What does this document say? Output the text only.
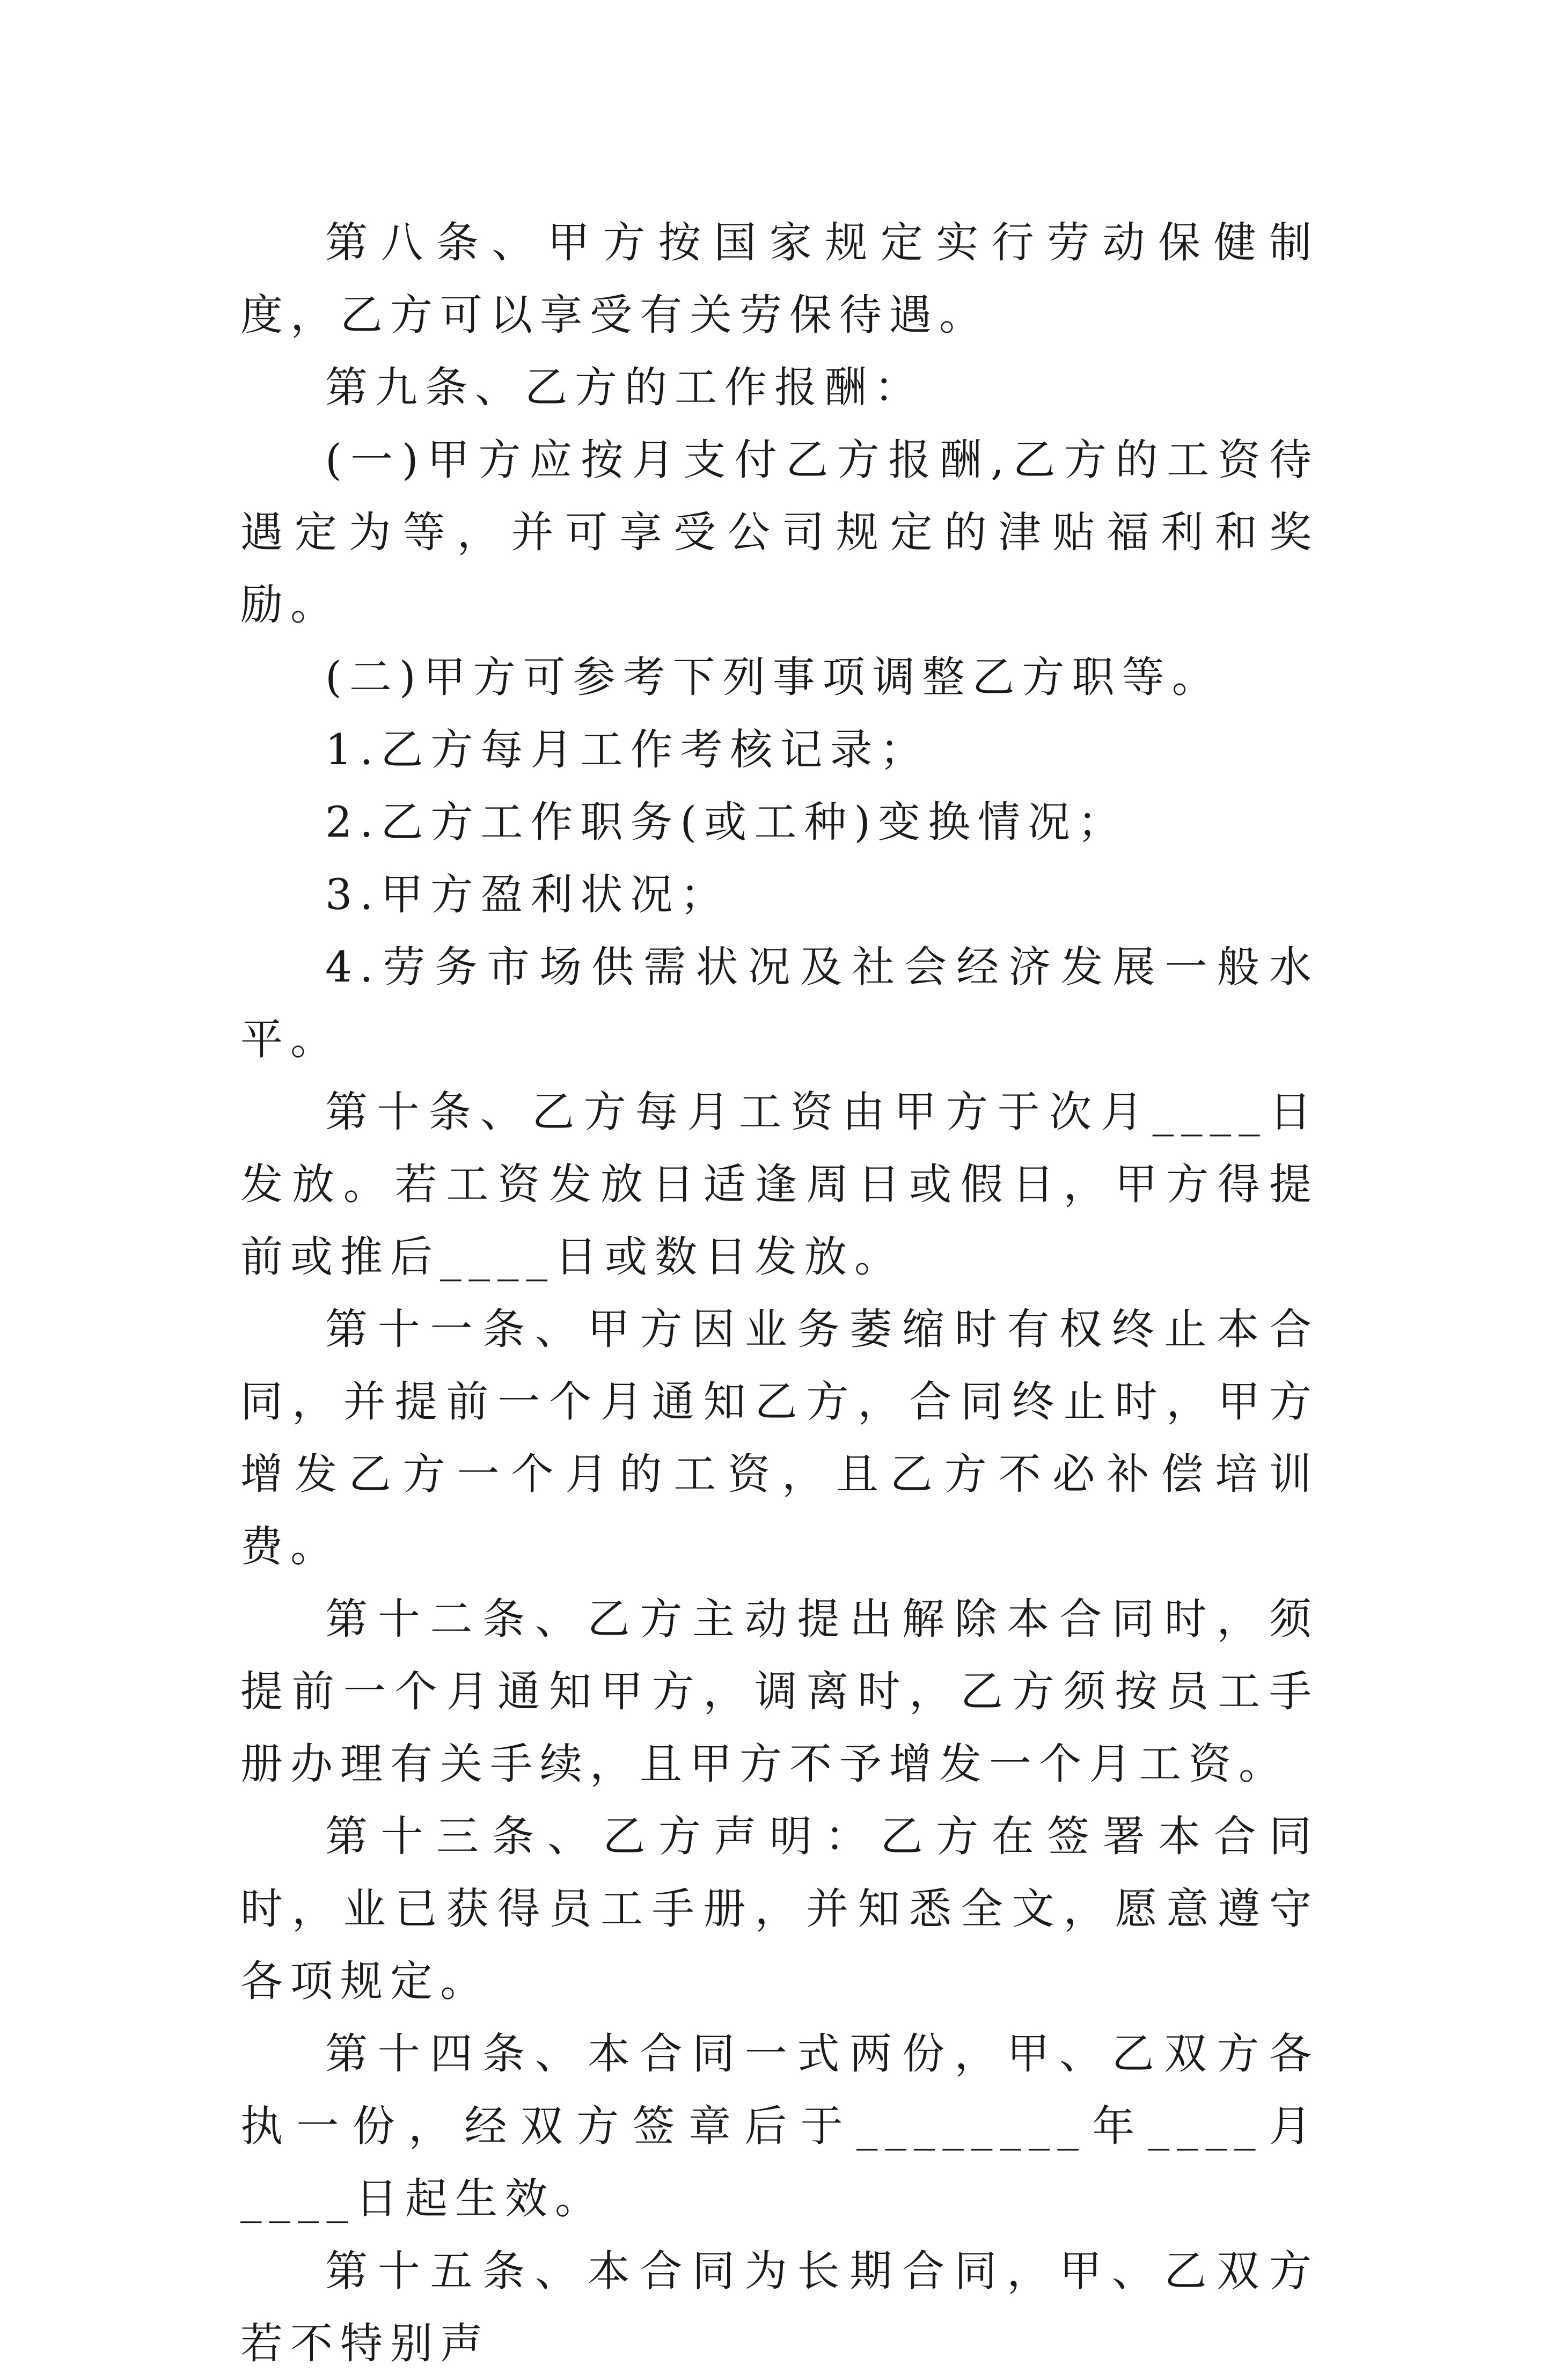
第八条、甲方按国家规定实行劳动保健制度，乙方可以享受有关劳保待遇。

第九条、乙方的工作报酬：

(一)甲方应按月支付乙方报酬,乙方的工资待遇定为等，并可享受公司规定的津贴福利和奖励。

(二)甲方可参考下列事项调整乙方职等。

1.乙方每月工作考核记录；

2.乙方工作职务(或工种)变换情况；

3.甲方盈利状况；

4.劳务市场供需状况及社会经济发展一般水平。

第十条、乙方每月工资由甲方于次月____日发放。若工资发放日适逢周日或假日，甲方得提前或推后____日或数日发放。

第十一条、甲方因业务萎缩时有权终止本合同，并提前一个月通知乙方，合同终止时，甲方增发乙方一个月的工资，且乙方不必补偿培训费。

第十二条、乙方主动提出解除本合同时，须提前一个月通知甲方，调离时，乙方须按员工手册办理有关手续，且甲方不予增发一个月工资。

第十三条、乙方声明：乙方在签署本合同时，业已获得员工手册，并知悉全文，愿意遵守各项规定。

第十四条、本合同一式两份，甲、乙双方各执一份，经双方签章后于________年____月____日起生效。

第十五条、本合同为长期合同，甲、乙双方若不特别声
